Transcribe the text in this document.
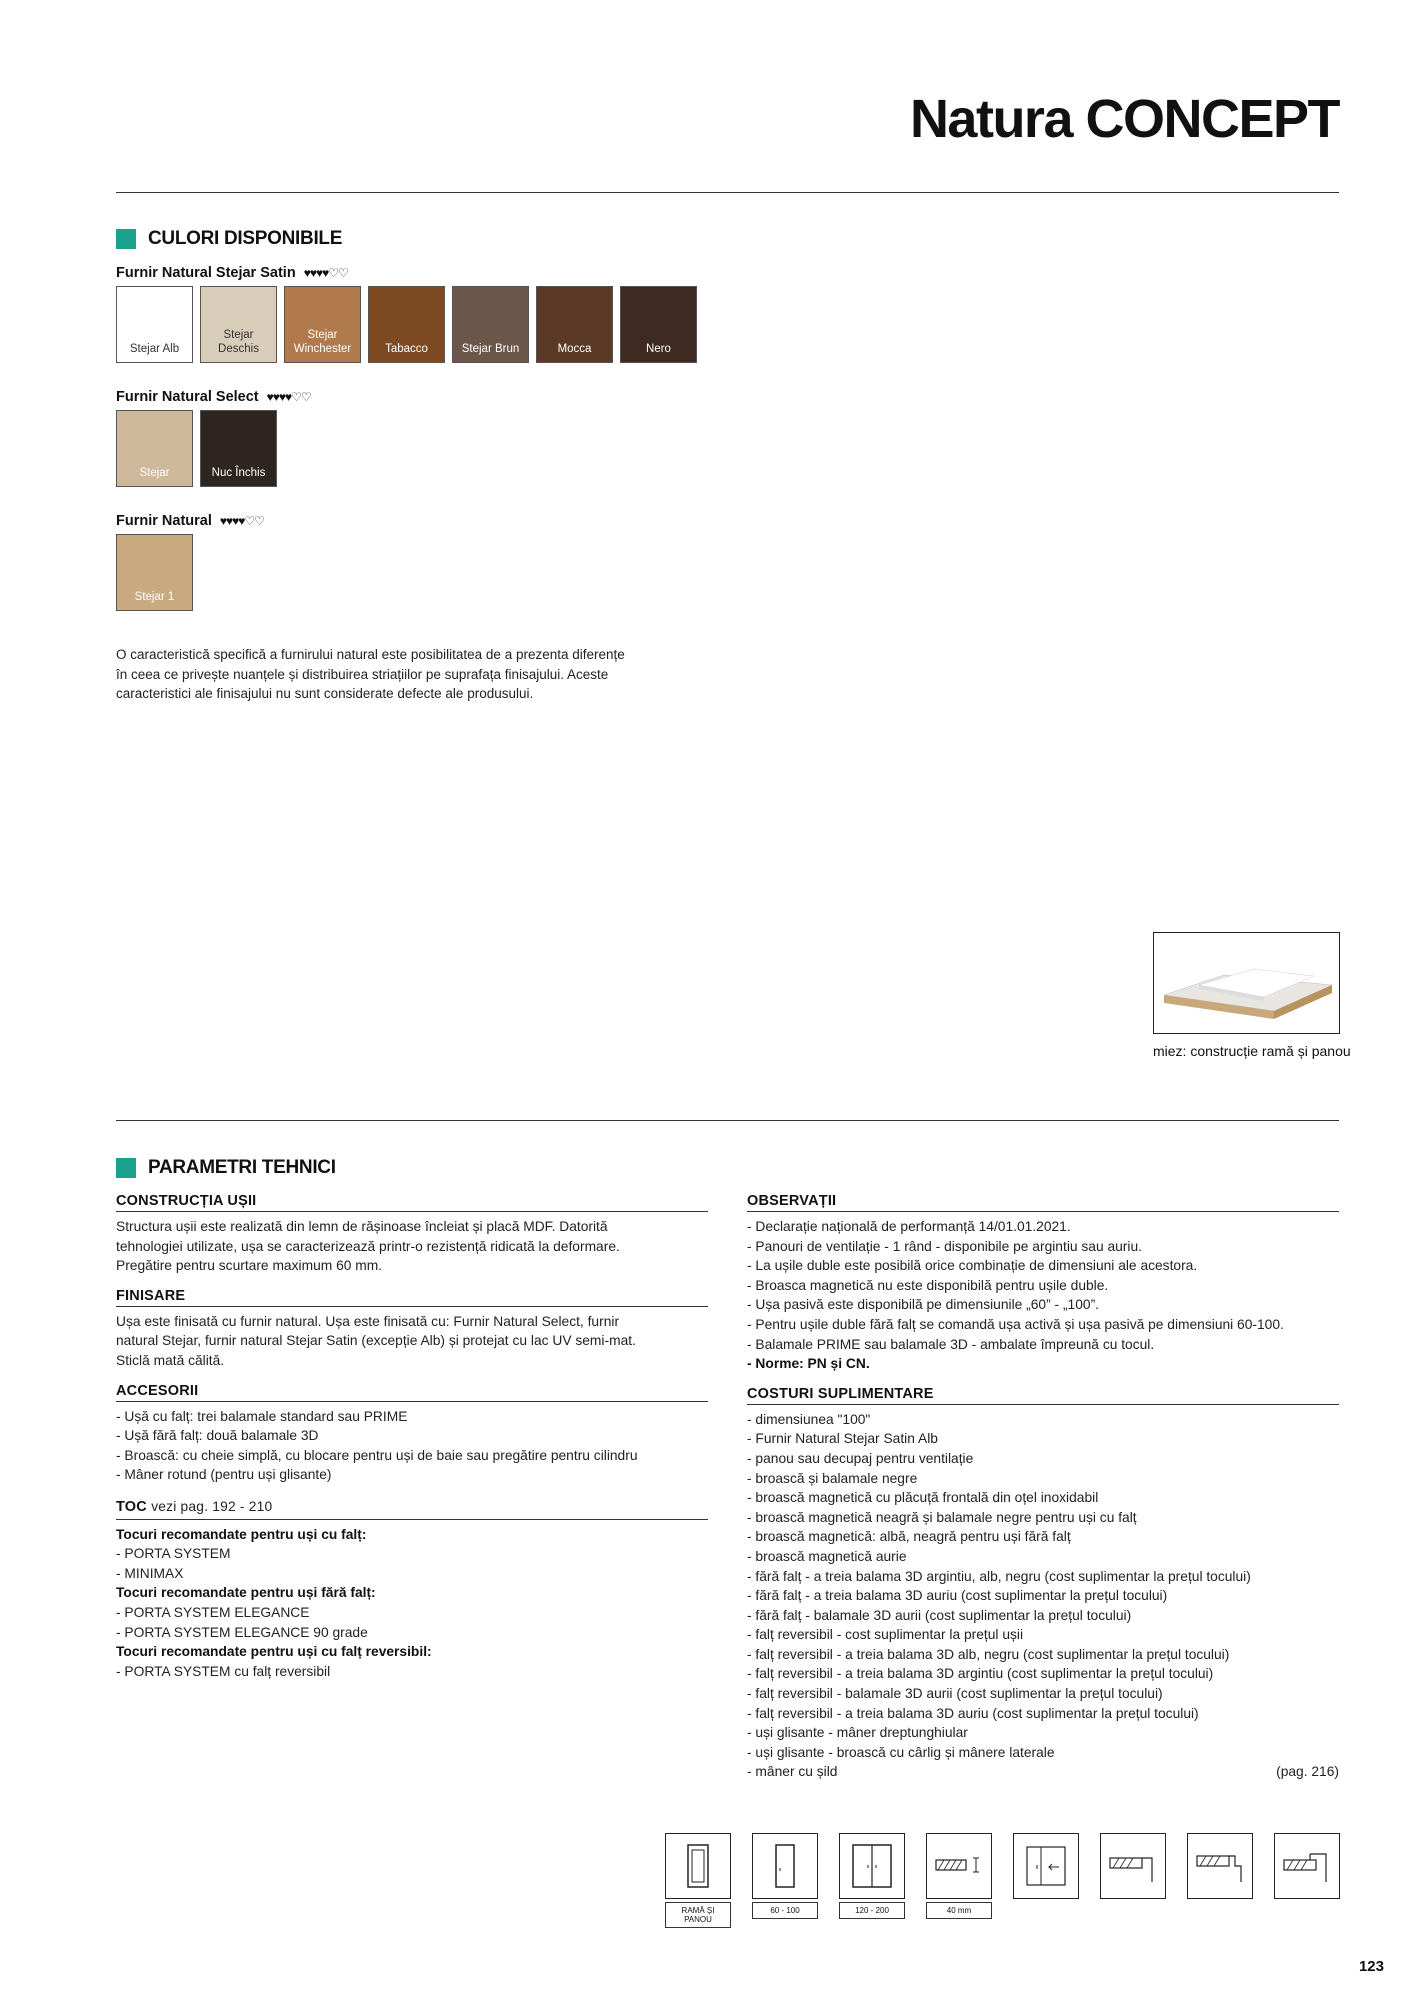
Natura CONCEPT
CULORI DISPONIBILE
Furnir Natural Stejar Satin ♥♥♥♥♡♡
Stejar Alb
Stejar Deschis
Stejar Winchester	Tabacco	Stejar Brun	Mocca	Nero
Furnir Natural Select ♥♥♥♥♡♡
Stejar	Nuc Închis
Furnir Natural ♥♥♥♥♡♡
Stejar 1
O caracteristică specifică a furnirului natural este posibilitatea de a prezenta diferențe
în ceea ce privește nuanțele și distribuirea striațiilor pe suprafața finisajului. Aceste
caracteristici ale finisajului nu sunt considerate defecte ale produsului.
miez: construcție ramă și panou
PARAMETRI TEHNICI
CONSTRUCȚIA UȘII
Structura ușii este realizată din lemn de rășinoase încleiat și placă MDF. Datorită
tehnologiei utilizate, ușa se caracterizează printr-o rezistență ridicată la deformare.
Pregătire pentru scurtare maximum 60 mm.
FINISARE
Ușa este finisată cu furnir natural. Ușa este finisată cu: Furnir Natural Select, furnir
natural Stejar, furnir natural Stejar Satin (excepție Alb) și protejat cu lac UV semi-mat.
Sticlă mată călită.
ACCESORII
- Ușă cu falț: trei balamale standard sau PRIME
- Ușă fără falț: două balamale 3D
- Broască: cu cheie simplă, cu blocare pentru uși de baie sau pregătire pentru cilindru
- Mâner rotund (pentru uși glisante)
TOC vezi pag. 192 - 210
Tocuri recomandate pentru uși cu falț:
- PORTA SYSTEM
- MINIMAX
Tocuri recomandate pentru uși fără falț:
- PORTA SYSTEM ELEGANCE
- PORTA SYSTEM ELEGANCE 90 grade
Tocuri recomandate pentru uși cu falț reversibil:
- PORTA SYSTEM cu falț reversibil
OBSERVAȚII
- Declarație națională de performanță 14/01.01.2021.
- Panouri de ventilație - 1 rând - disponibile pe argintiu sau auriu.
- La ușile duble este posibilă orice combinație de dimensiuni ale acestora.
- Broasca magnetică nu este disponibilă pentru ușile duble.
- Ușa pasivă este disponibilă pe dimensiunile „60” - „100”.
- Pentru ușile duble fără falț se comandă ușa activă și ușa pasivă pe dimensiuni 60-100.
- Balamale PRIME sau balamale 3D - ambalate împreună cu tocul.
- Norme: PN și CN.
COSTURI SUPLIMENTARE
- dimensiunea "100"
- Furnir Natural Stejar Satin Alb
- panou sau decupaj pentru ventilație
- broască și balamale negre
- broască magnetică cu plăcuță frontală din oțel inoxidabil
- broască magnetică neagră și balamale negre pentru uși cu falț
- broască magnetică: albă, neagră pentru uși fără falț
- broască magnetică aurie
- fără falț - a treia balama 3D argintiu, alb, negru (cost suplimentar la prețul tocului)
- fără falț - a treia balama 3D auriu (cost suplimentar la prețul tocului)
- fără falț - balamale 3D aurii (cost suplimentar la prețul tocului)
- falț reversibil - cost suplimentar la prețul ușii
- falț reversibil - a treia balama 3D alb, negru (cost suplimentar la prețul tocului)
- falț reversibil - a treia balama 3D argintiu (cost suplimentar la prețul tocului)
- falț reversibil - balamale 3D aurii (cost suplimentar la prețul tocului)
- falț reversibil - a treia balama 3D auriu (cost suplimentar la prețul tocului)
- uși glisante - mâner dreptunghiular
- uși glisante - broască cu cârlig și mânere laterale
- mâner cu șild	(pag. 216)
RAMĂ ȘI PANOU
60 - 100	120 - 200	40 mm
123
